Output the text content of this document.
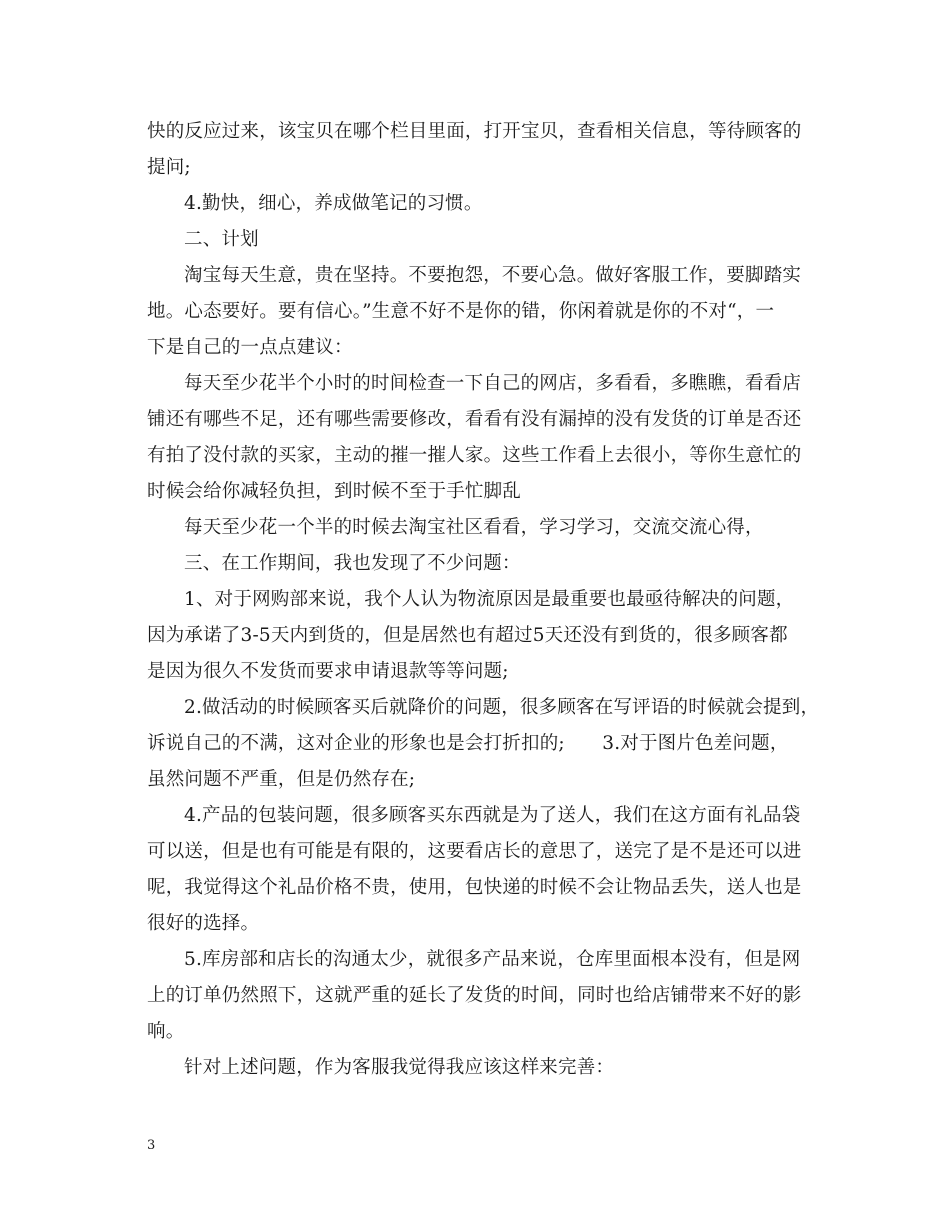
快的反应过来，该宝贝在哪个栏目里面，打开宝贝，查看相关信息，等待顾客的
提问;
4.勤快，细心，养成做笔记的习惯。
二、计划
淘宝每天生意，贵在坚持。不要抱怨，不要心急。做好客服工作，要脚踏实
地。心态要好。要有信心。”生意不好不是你的错，你闲着就是你的不对“，一
下是自己的一点点建议：
每天至少花半个小时的时间检查一下自己的网店，多看看，多瞧瞧，看看店
铺还有哪些不足，还有哪些需要修改，看看有没有漏掉的没有发货的订单是否还
有拍了没付款的买家，主动的摧一摧人家。这些工作看上去很小，等你生意忙的
时候会给你减轻负担，到时候不至于手忙脚乱
每天至少花一个半的时候去淘宝社区看看，学习学习，交流交流心得，
三、在工作期间，我也发现了不少问题：
1、对于网购部来说，我个人认为物流原因是最重要也最亟待解决的问题，
因为承诺了3-5天内到货的，但是居然也有超过5天还没有到货的，很多顾客都
是因为很久不发货而要求申请退款等等问题;
2.做活动的时候顾客买后就降价的问题，很多顾客在写评语的时候就会提到，
诉说自己的不满，这对企业的形象也是会打折扣的;　　3.对于图片色差问题，
虽然问题不严重，但是仍然存在;
4.产品的包装问题，很多顾客买东西就是为了送人，我们在这方面有礼品袋
可以送，但是也有可能是有限的，这要看店长的意思了，送完了是不是还可以进
呢，我觉得这个礼品价格不贵，使用，包快递的时候不会让物品丢失，送人也是
很好的选择。
5.库房部和店长的沟通太少，就很多产品来说，仓库里面根本没有，但是网
上的订单仍然照下，这就严重的延长了发货的时间，同时也给店铺带来不好的影
响。
针对上述问题，作为客服我觉得我应该这样来完善：
3
